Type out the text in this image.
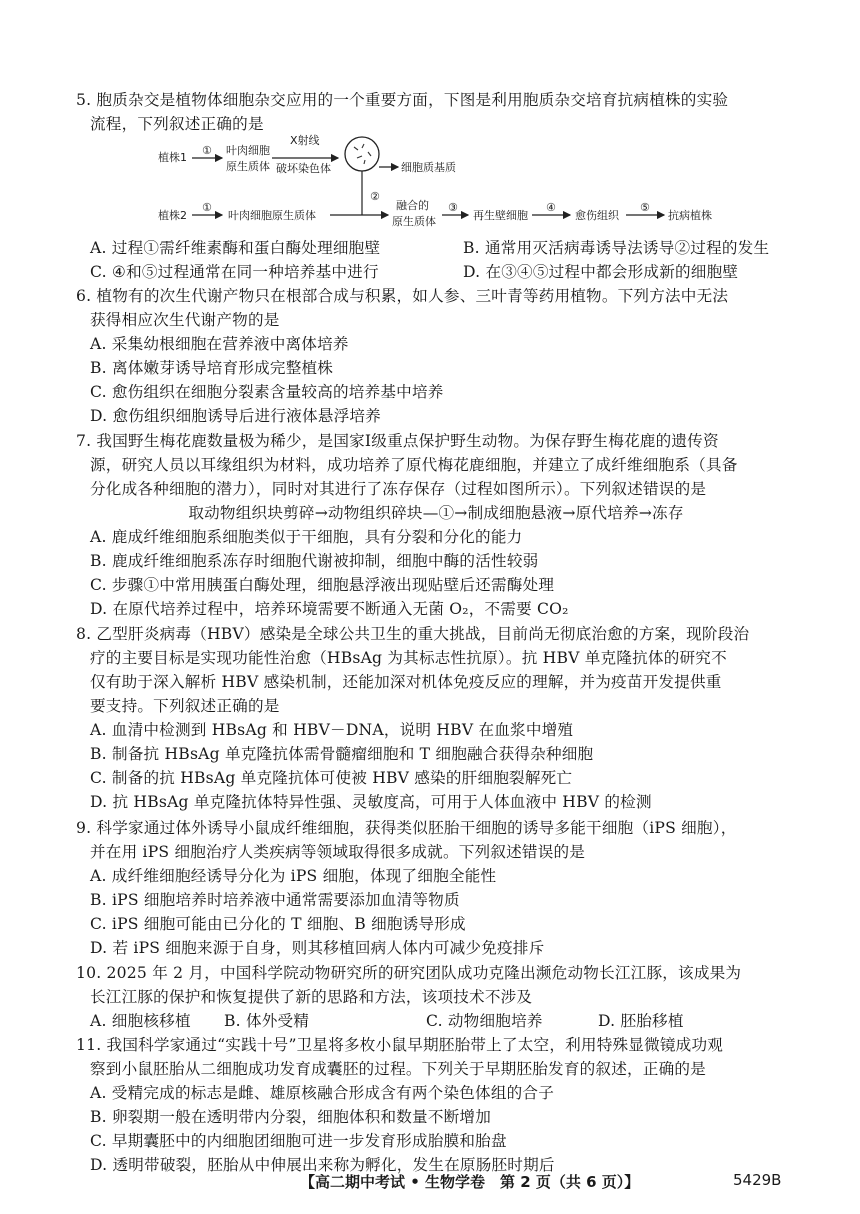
5. 胞质杂交是植物体细胞杂交应用的一个重要方面，下图是利用胞质杂交培育抗病植株的实验
流程，下列叙述正确的是
植株1
① 叶肉细胞
原生质体
X射线
破坏染色体	细胞质基质
②
植株2
①
叶肉细胞原生质体
融合的
原生质体
③
再生壁细胞
④
愈伤组织
⑤
抗病植株
A. 过程①需纤维素酶和蛋白酶处理细胞壁	B. 通常用灭活病毒诱导法诱导②过程的发生
C. ④和⑤过程通常在同一种培养基中进行	D. 在③④⑤过程中都会形成新的细胞壁
6. 植物有的次生代谢产物只在根部合成与积累，如人参、三叶青等药用植物。下列方法中无法
获得相应次生代谢产物的是
A. 采集幼根细胞在营养液中离体培养
B. 离体嫩芽诱导培育形成完整植株
C. 愈伤组织在细胞分裂素含量较高的培养基中培养
D. 愈伤组织细胞诱导后进行液体悬浮培养
7. 我国野生梅花鹿数量极为稀少，是国家Ⅰ级重点保护野生动物。为保存野生梅花鹿的遗传资
源，研究人员以耳缘组织为材料，成功培养了原代梅花鹿细胞，并建立了成纤维细胞系（具备
分化成各种细胞的潜力），同时对其进行了冻存保存（过程如图所示）。下列叙述错误的是
取动物组织块剪碎→动物组织碎块—①→制成细胞悬液→原代培养→冻存
A. 鹿成纤维细胞系细胞类似于干细胞，具有分裂和分化的能力
B. 鹿成纤维细胞系冻存时细胞代谢被抑制，细胞中酶的活性较弱
C. 步骤①中常用胰蛋白酶处理，细胞悬浮液出现贴壁后还需酶处理
D. 在原代培养过程中，培养环境需要不断通入无菌 O₂，不需要 CO₂
8. 乙型肝炎病毒（HBV）感染是全球公共卫生的重大挑战，目前尚无彻底治愈的方案，现阶段治
疗的主要目标是实现功能性治愈（HBsAg 为其标志性抗原）。抗 HBV 单克隆抗体的研究不
仅有助于深入解析 HBV 感染机制，还能加深对机体免疫反应的理解，并为疫苗开发提供重
要支持。下列叙述正确的是
A. 血清中检测到 HBsAg 和 HBV－DNA，说明 HBV 在血浆中增殖
B. 制备抗 HBsAg 单克隆抗体需骨髓瘤细胞和 T 细胞融合获得杂种细胞
C. 制备的抗 HBsAg 单克隆抗体可使被 HBV 感染的肝细胞裂解死亡
D. 抗 HBsAg 单克隆抗体特异性强、灵敏度高，可用于人体血液中 HBV 的检测
9. 科学家通过体外诱导小鼠成纤维细胞，获得类似胚胎干细胞的诱导多能干细胞（iPS 细胞），
并在用 iPS 细胞治疗人类疾病等领域取得很多成就。下列叙述错误的是
A. 成纤维细胞经诱导分化为 iPS 细胞，体现了细胞全能性
B. iPS 细胞培养时培养液中通常需要添加血清等物质
C. iPS 细胞可能由已分化的 T 细胞、B 细胞诱导形成
D. 若 iPS 细胞来源于自身，则其移植回病人体内可减少免疫排斥
10. 2025 年 2 月，中国科学院动物研究所的研究团队成功克隆出濒危动物长江江豚，该成果为
长江江豚的保护和恢复提供了新的思路和方法，该项技术不涉及
A. 细胞核移植	B. 体外受精	C. 动物细胞培养	D. 胚胎移植
11. 我国科学家通过“实践十号”卫星将多枚小鼠早期胚胎带上了太空，利用特殊显微镜成功观
察到小鼠胚胎从二细胞成功发育成囊胚的过程。下列关于早期胚胎发育的叙述，正确的是
A. 受精完成的标志是雌、雄原核融合形成含有两个染色体组的合子
B. 卵裂期一般在透明带内分裂，细胞体积和数量不断增加
C. 早期囊胚中的内细胞团细胞可进一步发育形成胎膜和胎盘
D. 透明带破裂，胚胎从中伸展出来称为孵化，发生在原肠胚时期后
【高二期中考试 • 生物学卷　第 2 页（共 6 页）】	5429B
